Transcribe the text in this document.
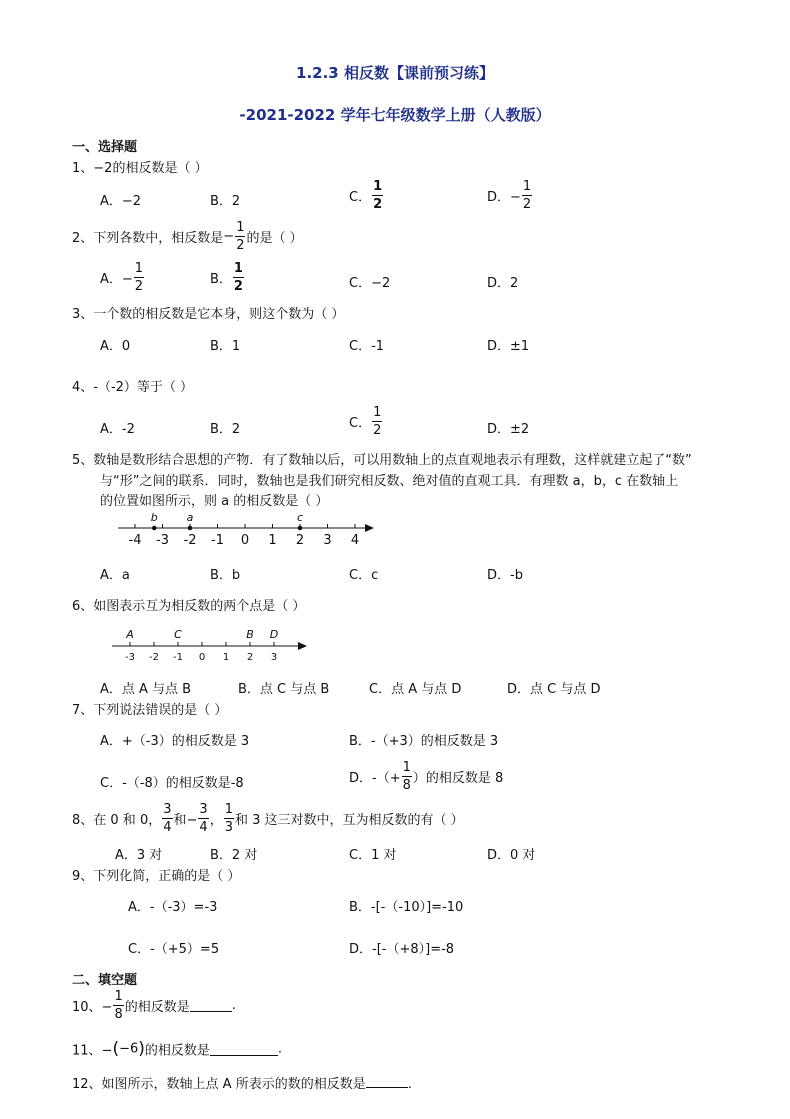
1.2.3 相反数【课前预习练】
-2021-2022 学年七年级数学上册（人教版）
一、选择题
1、−2的相反数是（ ）
A．−2	B．2	C． $\frac{1}{2}$	D．− $\frac{1}{2}$
2、下列各数中，相反数是− $\frac{1}{2}$ 的是（ ）
A．− $\frac{1}{2}$	B． $\frac{1}{2}$	C．−2	D．2
3、一个数的相反数是它本身，则这个数为（ ）
A．0	B．1	C．-1	D．±1
4、-（-2）等于（ ）
A．-2	B．2	C． $\frac{1}{2}$	D．±2
5、数轴是数形结合思想的产物．有了数轴以后，可以用数轴上的点直观地表示有理数，这样就建立起了“数”
与“形”之间的联系．同时，数轴也是我们研究相反数、绝对值的直观工具．有理数 a，b，c 在数轴上
的位置如图所示，则 a 的相反数是（ ）
-4 -3 -2 -1 0 1 2 3 4
b	a	c
A．a	B．b	C．c	D．-b
6、如图表示互为相反数的两个点是（ ）
-3 -2 -1 0 1 2 3
A	C	B D
A．点 A 与点 B	B．点 C 与点 B	C．点 A 与点 D	D．点 C 与点 D
7、下列说法错误的是（ ）
A．+（-3）的相反数是 3	B．-（+3）的相反数是 3
C．-（-8）的相反数是-8	D．-（+ $\frac{1}{8}$ ）的相反数是 8
8、在 0 和 0， $\frac{3}{4}$ 和− $\frac{3}{4}$ ， $\frac{1}{3}$ 和 3 这三对数中，互为相反数的有（ ）
A．3 对	B．2 对	C．1 对	D．0 对
9、下列化简，正确的是（ ）
A．-（-3）=-3	B．-[-（-10）]=-10
C．-（+5）=5	D．-[-（+8）]=-8
二、填空题
10、− $\frac{1}{8}$ 的相反数是	.
11、−(−6)的相反数是	.
12、如图所示，数轴上点 A 所表示的数的相反数是	.
